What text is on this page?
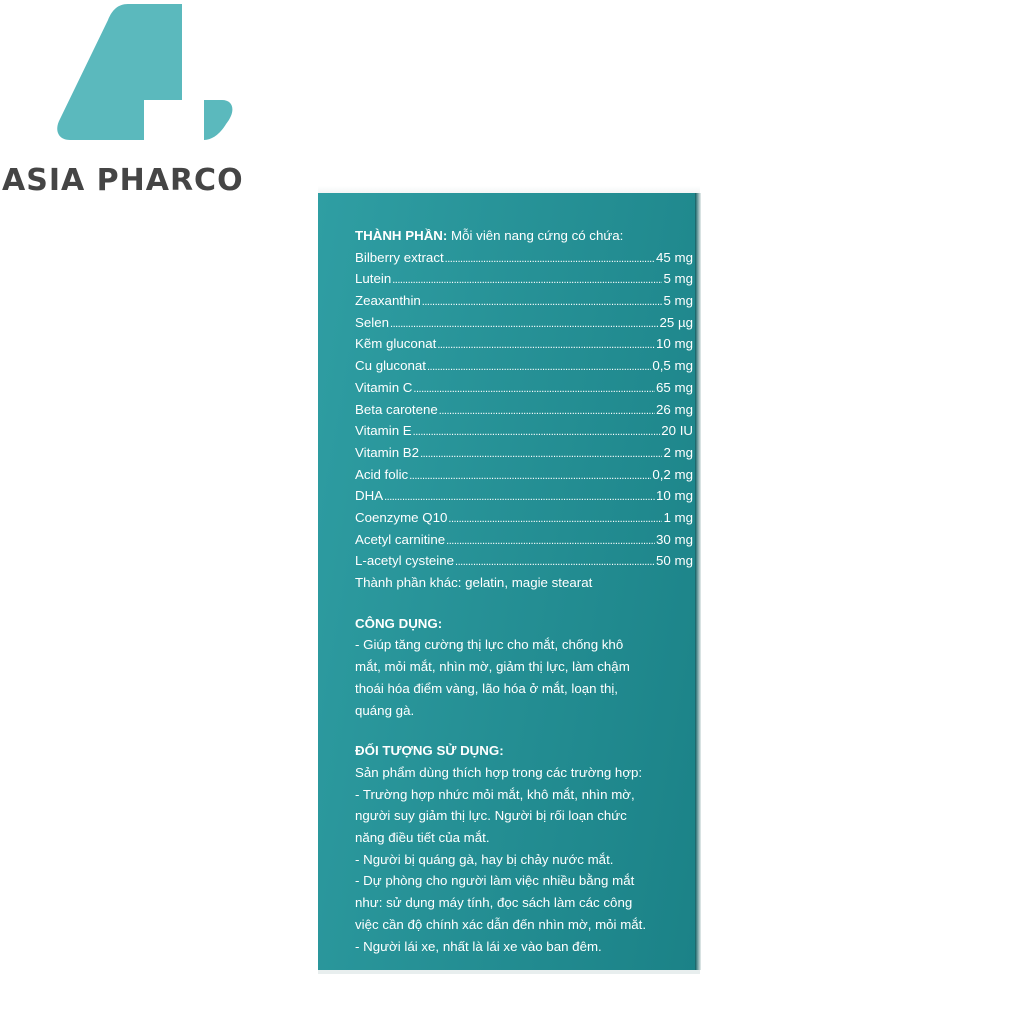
ASIA PHARCO
THÀNH PHẦN: Mỗi viên nang cứng có chứa:
Bilberry extract .....	45 mg
Lutein .....	5 mg
Zeaxanthin .....	5 mg
Selen .....	25 µg
Kẽm gluconat .....	10 mg
Cu gluconat .....	0,5 mg
Vitamin C .....	65 mg
Beta carotene .....	26 mg
Vitamin E .....	20 IU
Vitamin B2 .....	2 mg
Acid folic .....	0,2 mg
DHA .....	10 mg
Coenzyme Q10 .....	1 mg
Acetyl carnitine .....	30 mg
L-acetyl cysteine .....	50 mg
Thành phần khác: gelatin, magie stearat
CÔNG DỤNG:
- Giúp tăng cường thị lực cho mắt, chống khô
mắt, mỏi mắt, nhìn mờ, giảm thị lực, làm chậm
thoái hóa điểm vàng, lão hóa ở mắt, loạn thị,
quáng gà.
ĐỐI TƯỢNG SỬ DỤNG:
Sản phẩm dùng thích hợp trong các trường hợp:
- Trường hợp nhức mỏi mắt, khô mắt, nhìn mờ,
người suy giảm thị lực. Người bị rối loạn chức
năng điều tiết của mắt.
- Người bị quáng gà, hay bị chảy nước mắt.
- Dự phòng cho người làm việc nhiều bằng mắt
như: sử dụng máy tính, đọc sách làm các công
việc cần độ chính xác dẫn đến nhìn mờ, mỏi mắt.
- Người lái xe, nhất là lái xe vào ban đêm.
